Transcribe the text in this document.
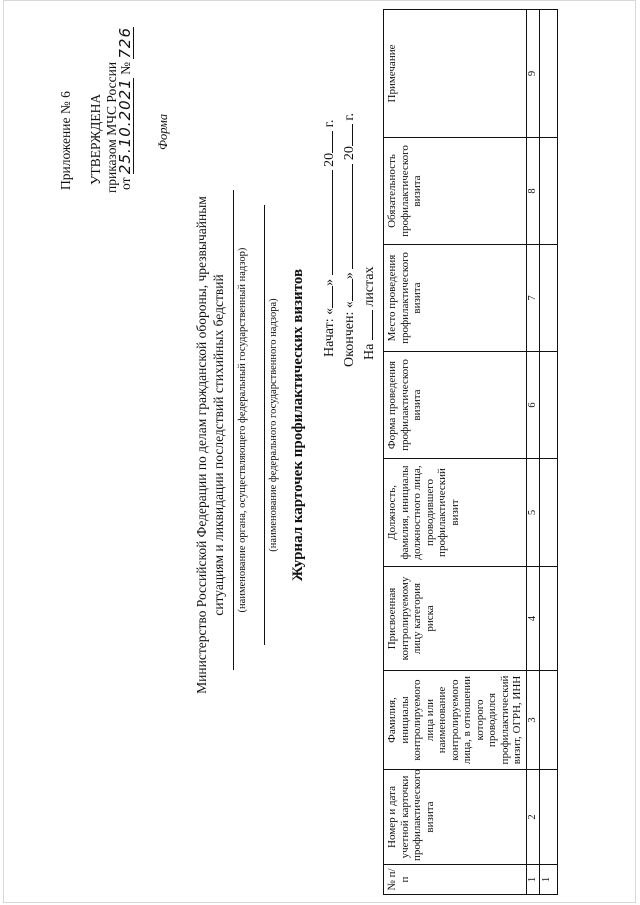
Приложение № 6 УТВЕРЖДЕНА приказом МЧС России от 25.10.2021 № 726
Форма
Министерство Российской Федерации по делам гражданской обороны, чрезвычайным ситуациям и ликвидации последствий стихийных бедствий (наименование органа, осуществляющего федеральный государственный надзор) (наименование федерального государственного надзора) Журнал карточек профилактических визитов Начат: «»  20 г.
Окончен: «»  20 г.
На  листах
№ п/п	Номер и дата учетной карточки профилактического визита	Фамилия, инициалы контролируемого лица или наименование контролируемого лица, в отношении которого проводился профилактический визит, ОГРН, ИНН	Присвоенная контролируемому лицу категория риска	Должность, фамилия, инициалы должностного лица, проводившего профилактический визит	Форма проведения профилактического визита	Место проведения профилактического визита	Обязательность профилактического визита	Примечание
1	2	3	4	5	6	7	8	9
1								
